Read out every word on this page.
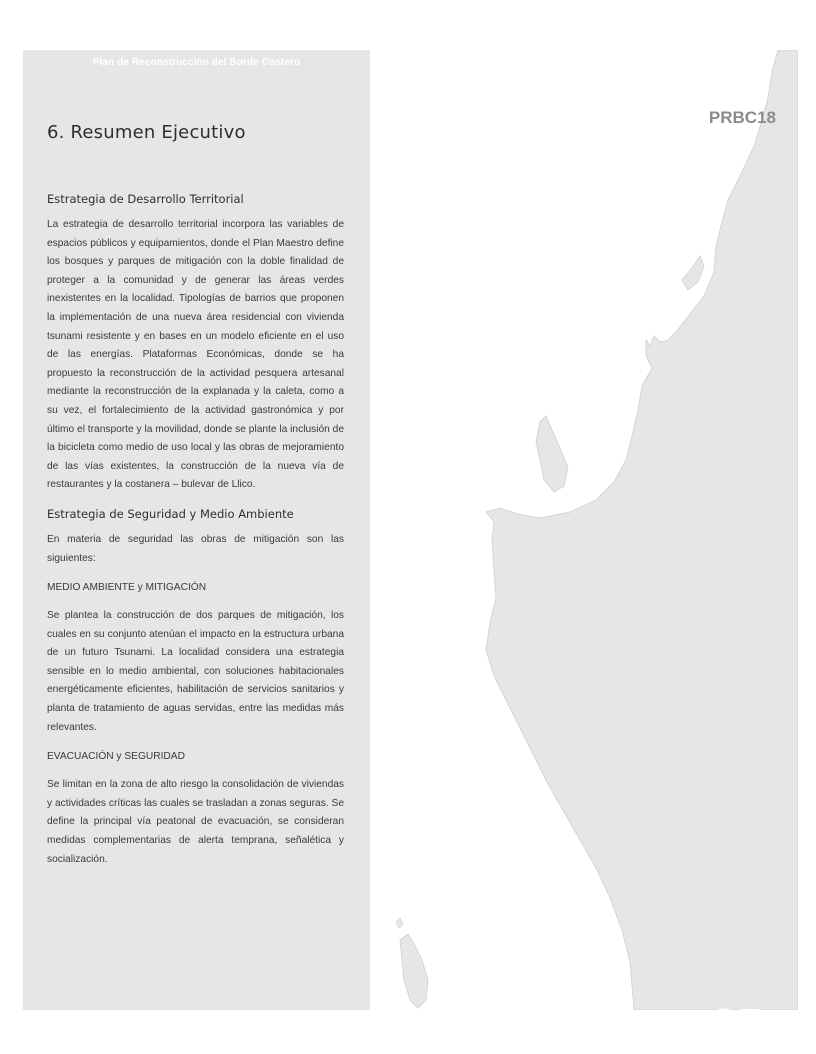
Plan de Reconstrucción del Borde Costero
6. Resumen Ejecutivo
Estrategia de Desarrollo Territorial

La estrategia de desarrollo territorial incorpora las variables de espacios públicos y equipamientos, donde el Plan Maestro define los bosques y parques de mitigación con la doble finalidad de proteger a la comunidad y de generar las áreas verdes inexistentes en la localidad. Tipologías de barrios que proponen la implementación de una nueva área residencial con vivienda tsunami resistente y en bases en un modelo eficiente en el uso de las energías. Plataformas Económicas, donde se ha propuesto la reconstrucción de la actividad pesquera artesanal mediante la reconstrucción de la explanada y la caleta, como a su vez, el fortalecimiento de la actividad gastronómica y por último el transporte y la movilidad, donde se plante la inclusión de la bicicleta como medio de uso local y las obras de mejoramiento de las vías existentes, la construcción de la nueva vía de restaurantes y la costanera – bulevar de Llico.

Estrategia de Seguridad y Medio Ambiente

En materia de seguridad las obras de mitigación son las siguientes:

MEDIO AMBIENTE y MITIGACIÓN

Se plantea la construcción de dos parques de mitigación, los cuales en su conjunto atenúan el impacto en la estructura urbana de un futuro Tsunami. La localidad considera una estrategia sensible en lo medio ambiental, con soluciones habitacionales energéticamente eficientes, habilitación de servicios sanitarios y planta de tratamiento de aguas servidas, entre las medidas más relevantes.

EVACUACIÓN y SEGURIDAD

Se limitan en la zona de alto riesgo la consolidación de viviendas y actividades críticas las cuales se trasladan a zonas seguras. Se define la principal vía peatonal de evacuación, se consideran medidas complementarias de alerta temprana, señalética y socialización.

PRBC18
35
